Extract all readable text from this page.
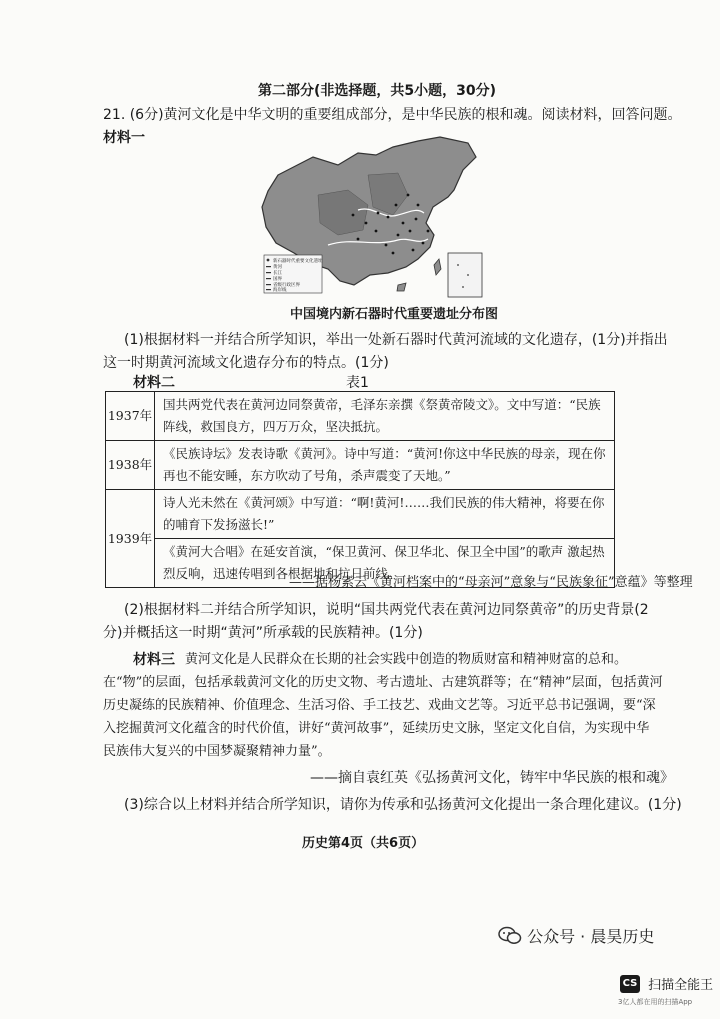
第二部分(非选择题，共5小题，30分)
21. (6分)黄河文化是中华文明的重要组成部分，是中华民族的根和魂。阅读材料，回答问题。
材料一
新石器时代重要文化遗址
黄河
长江
国界
省级行政区界
海岸线
中国境内新石器时代重要遗址分布图
(1)根据材料一并结合所学知识，举出一处新石器时代黄河流域的文化遗存，(1分)并指出
这一时期黄河流域文化遗存分布的特点。(1分)
材料二	表1
1937年	国共两党代表在黄河边同祭黄帝，毛泽东亲撰《祭黄帝陵文》。文中写道：“民族阵线，救国良方，四万万众，坚决抵抗。
1938年	《民族诗坛》发表诗歌《黄河》。诗中写道：“黄河!你这中华民族的母亲，现在你再也不能安睡，东方吹动了号角，杀声震变了天地。”
1939年	诗人光未然在《黄河颂》中写道：“啊!黄河!……我们民族的伟大精神，将要在你的哺育下发扬滋长!”
	《黄河大合唱》在延安首演，“保卫黄河、保卫华北、保卫全中国”的歌声 激起热烈反响，迅速传唱到各根据地和抗日前线。
——据杨素云《黄河档案中的“母亲河”意象与“民族象征”意蕴》等整理
(2)根据材料二并结合所学知识，说明“国共两党代表在黄河边同祭黄帝”的历史背景(2
分)并概括这一时期“黄河”所承载的民族精神。(1分)
材料三 黄河文化是人民群众在长期的社会实践中创造的物质财富和精神财富的总和。
在“物”的层面，包括承载黄河文化的历史文物、考古遗址、古建筑群等；在“精神”层面，包括黄河
历史凝练的民族精神、价值理念、生活习俗、手工技艺、戏曲文艺等。习近平总书记强调，要“深
入挖掘黄河文化蕴含的时代价值，讲好“黄河故事”，延续历史文脉，坚定文化自信，为实现中华
民族伟大复兴的中国梦凝聚精神力量”。
——摘自袁红英《弘扬黄河文化，铸牢中华民族的根和魂》
(3)综合以上材料并结合所学知识，请你为传承和弘扬黄河文化提出一条合理化建议。(1分)
历史第4页（共6页）
公众号 · 晨昊历史
CS 扫描全能王
3亿人都在用的扫描App
